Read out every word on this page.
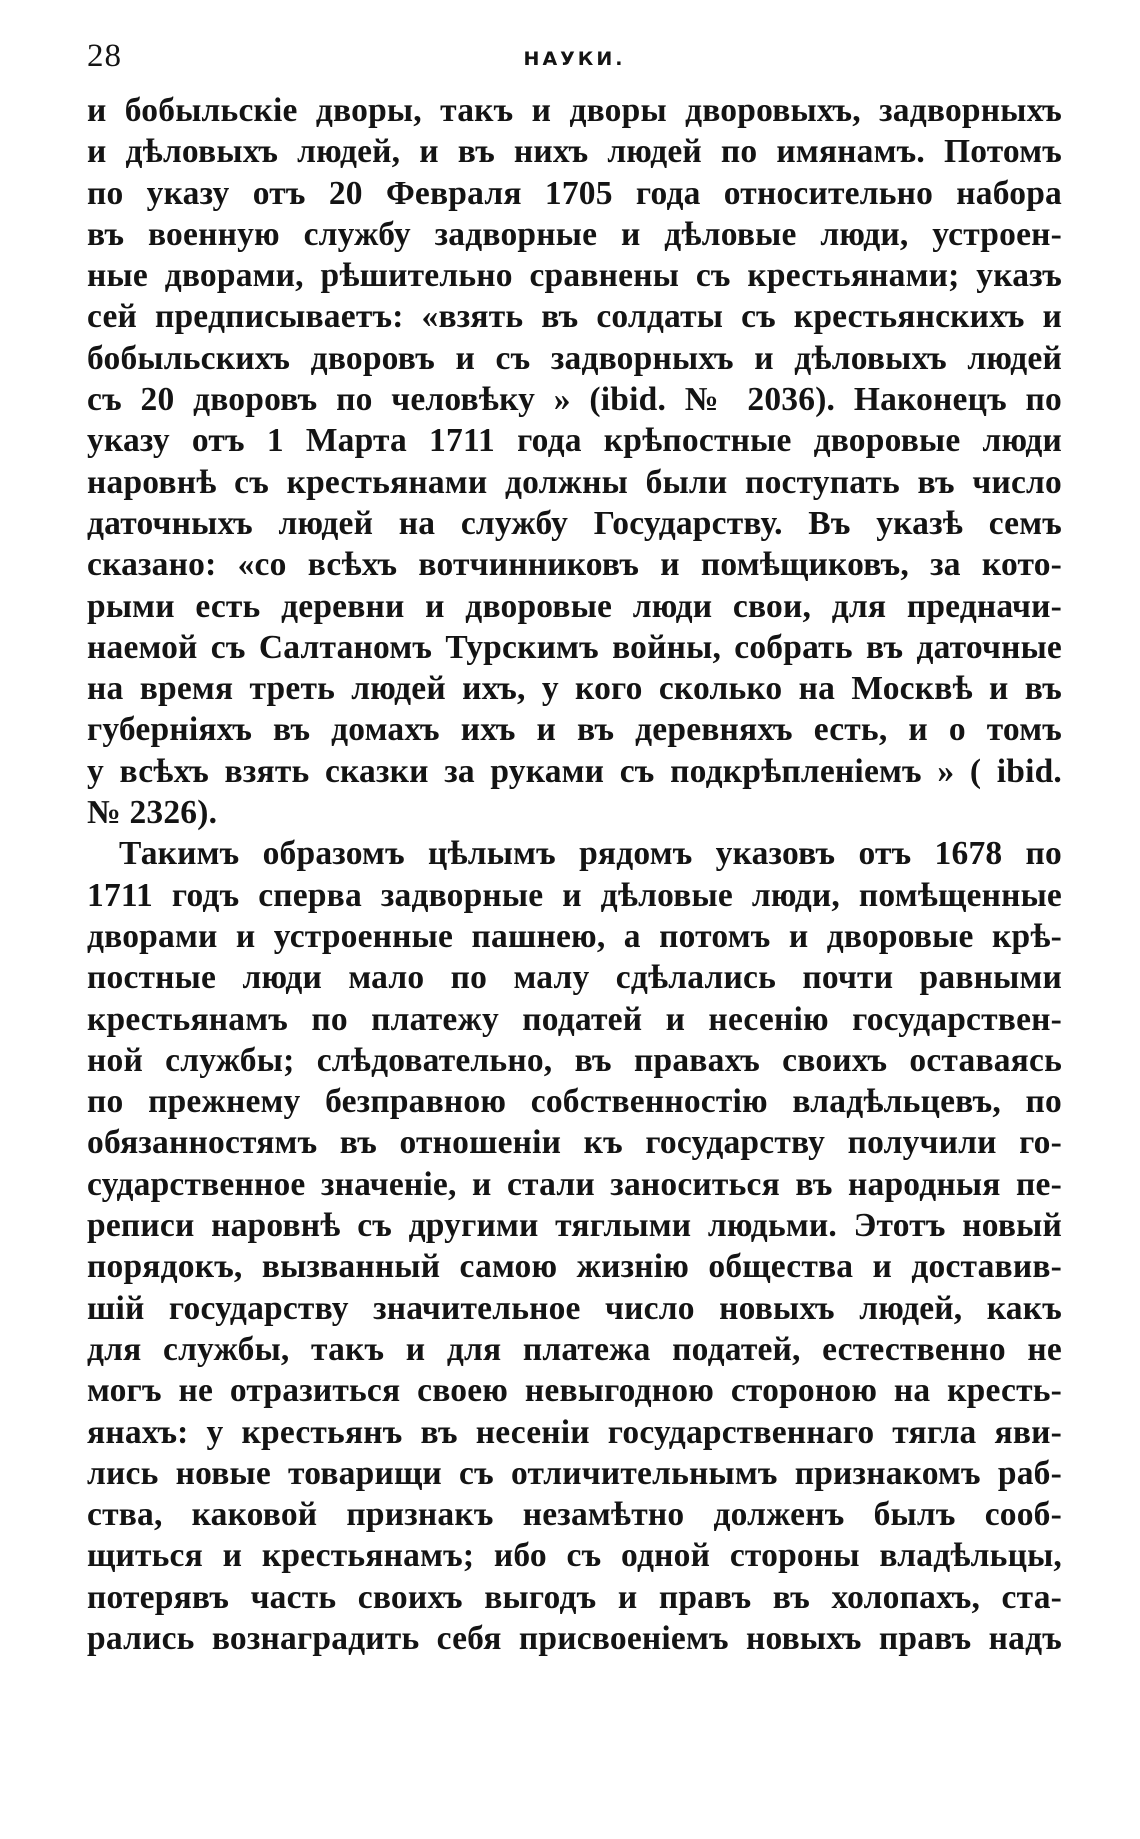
28	НАУКИ.
и бобыльскіе дворы, такъ и дворы дворовыхъ, задворныхъ
и дѣловыхъ людей, и въ нихъ людей по имянамъ. Потомъ
по указу отъ 20 Февраля 1705 года относительно набора
въ военную службу задворные и дѣловые люди, устроен-
ные дворами, рѣшительно сравнены съ крестьянами; указъ
сей предписываетъ: «взять въ солдаты съ крестьянскихъ и
бобыльскихъ дворовъ и съ задворныхъ и дѣловыхъ людей
съ 20 дворовъ по человѣку » (ibid. № 2036). Наконецъ по
указу отъ 1 Марта 1711 года крѣпостные дворовые люди
наровнѣ съ крестьянами должны были поступать въ число
даточныхъ людей на службу Государству. Въ указѣ семъ
сказано: «со всѣхъ вотчинниковъ и помѣщиковъ, за кото-
рыми есть деревни и дворовые люди свои, для предначи-
наемой съ Салтаномъ Турскимъ войны, собрать въ даточные
на время треть людей ихъ, у кого сколько на Москвѣ и въ
губерніяхъ въ домахъ ихъ и въ деревняхъ есть, и о томъ
у всѣхъ взять сказки за руками съ подкрѣпленіемъ » ( ibid.
№ 2326).
Такимъ образомъ цѣлымъ рядомъ указовъ отъ 1678 по
1711 годъ сперва задворные и дѣловые люди, помѣщенные
дворами и устроенные пашнею, а потомъ и дворовые крѣ-
постные люди мало по малу сдѣлались почти равными
крестьянамъ по платежу податей и несенію государствен-
ной службы; слѣдовательно, въ правахъ своихъ оставаясь
по прежнему безправною собственностію владѣльцевъ, по
обязанностямъ въ отношеніи къ государству получили го-
сударственное значеніе, и стали заноситься въ народныя пе-
реписи наровнѣ съ другими тяглыми людьми. Этотъ новый
порядокъ, вызванный самою жизнію общества и доставив-
шій государству значительное число новыхъ людей, какъ
для службы, такъ и для платежа податей, естественно не
могъ не отразиться своею невыгодною стороною на кресть-
янахъ: у крестьянъ въ несеніи государственнаго тягла яви-
лись новые товарищи съ отличительнымъ признакомъ раб-
ства, каковой признакъ незамѣтно долженъ былъ сооб-
щиться и крестьянамъ; ибо съ одной стороны владѣльцы,
потерявъ часть своихъ выгодъ и правъ въ холопахъ, ста-
рались вознаградить себя присвоеніемъ новыхъ правъ надъ
